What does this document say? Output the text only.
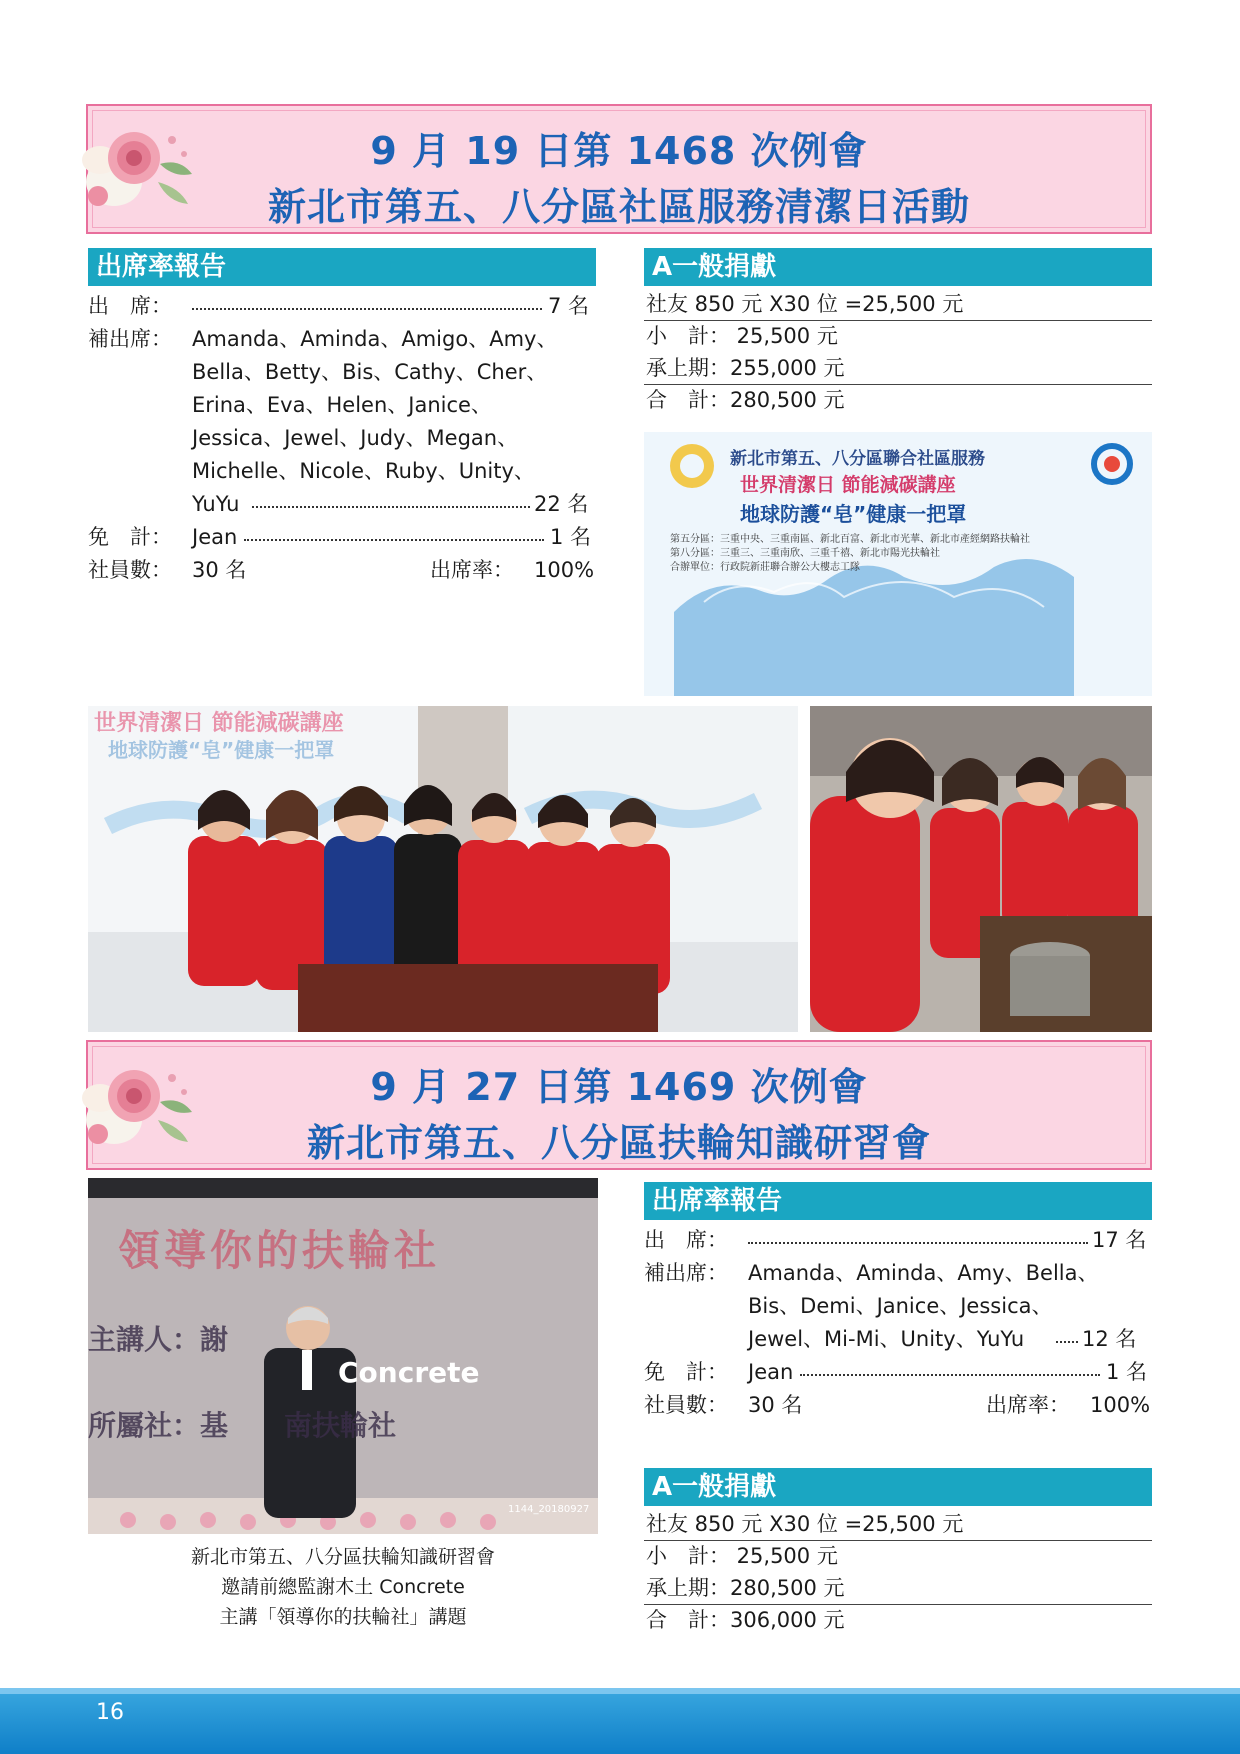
9 月 19 日第 1468 次例會
新北市第五、八分區社區服務清潔日活動
出席率報告
出　席：	7 名
補出席： Amanda、Aminda、Amigo、Amy、
Bella、Betty、Bis、Cathy、Cher、
Erina、Eva、Helen、Janice、
Jessica、Jewel、Judy、Megan、
Michelle、Nicole、Ruby、Unity、
YuYu	22 名
免　計： Jean	1 名
社員數： 30 名	出席率： 100%
A一般捐獻
社友 850 元 X30 位 =25,500 元
小　計： 25,500 元
承上期：255,000 元
合　計：280,500 元
新北市第五、八分區聯合社區服務
世界清潔日 節能減碳講座
地球防護“皂”健康一把罩
第五分區：三重中央、三重南區、新北百富、新北市光華、新北市產經網路扶輪社
第八分區：三重三、三重南欣、三重千禧、新北市陽光扶輪社
合辦單位：行政院新莊聯合辦公大樓志工隊
世界清潔日 節能減碳講座
地球防護“皂”健康一把罩
9 月 27 日第 1469 次例會
新北市第五、八分區扶輪知識研習會
領導你的扶輪社
主講人：謝
Concrete
所屬社：基　　南扶輪社
1144_20180927
新北市第五、八分區扶輪知識研習會
邀請前總監謝木土 Concrete
主講「領導你的扶輪社」講題
出席率報告
出　席：	17 名
補出席： Amanda、Aminda、Amy、Bella、
Bis、Demi、Janice、Jessica、
Jewel、Mi-Mi、Unity、YuYu	12 名
免　計： Jean	1 名
社員數： 30 名	出席率： 100%
A一般捐獻
社友 850 元 X30 位 =25,500 元
小　計： 25,500 元
承上期：280,500 元
合　計：306,000 元
16
